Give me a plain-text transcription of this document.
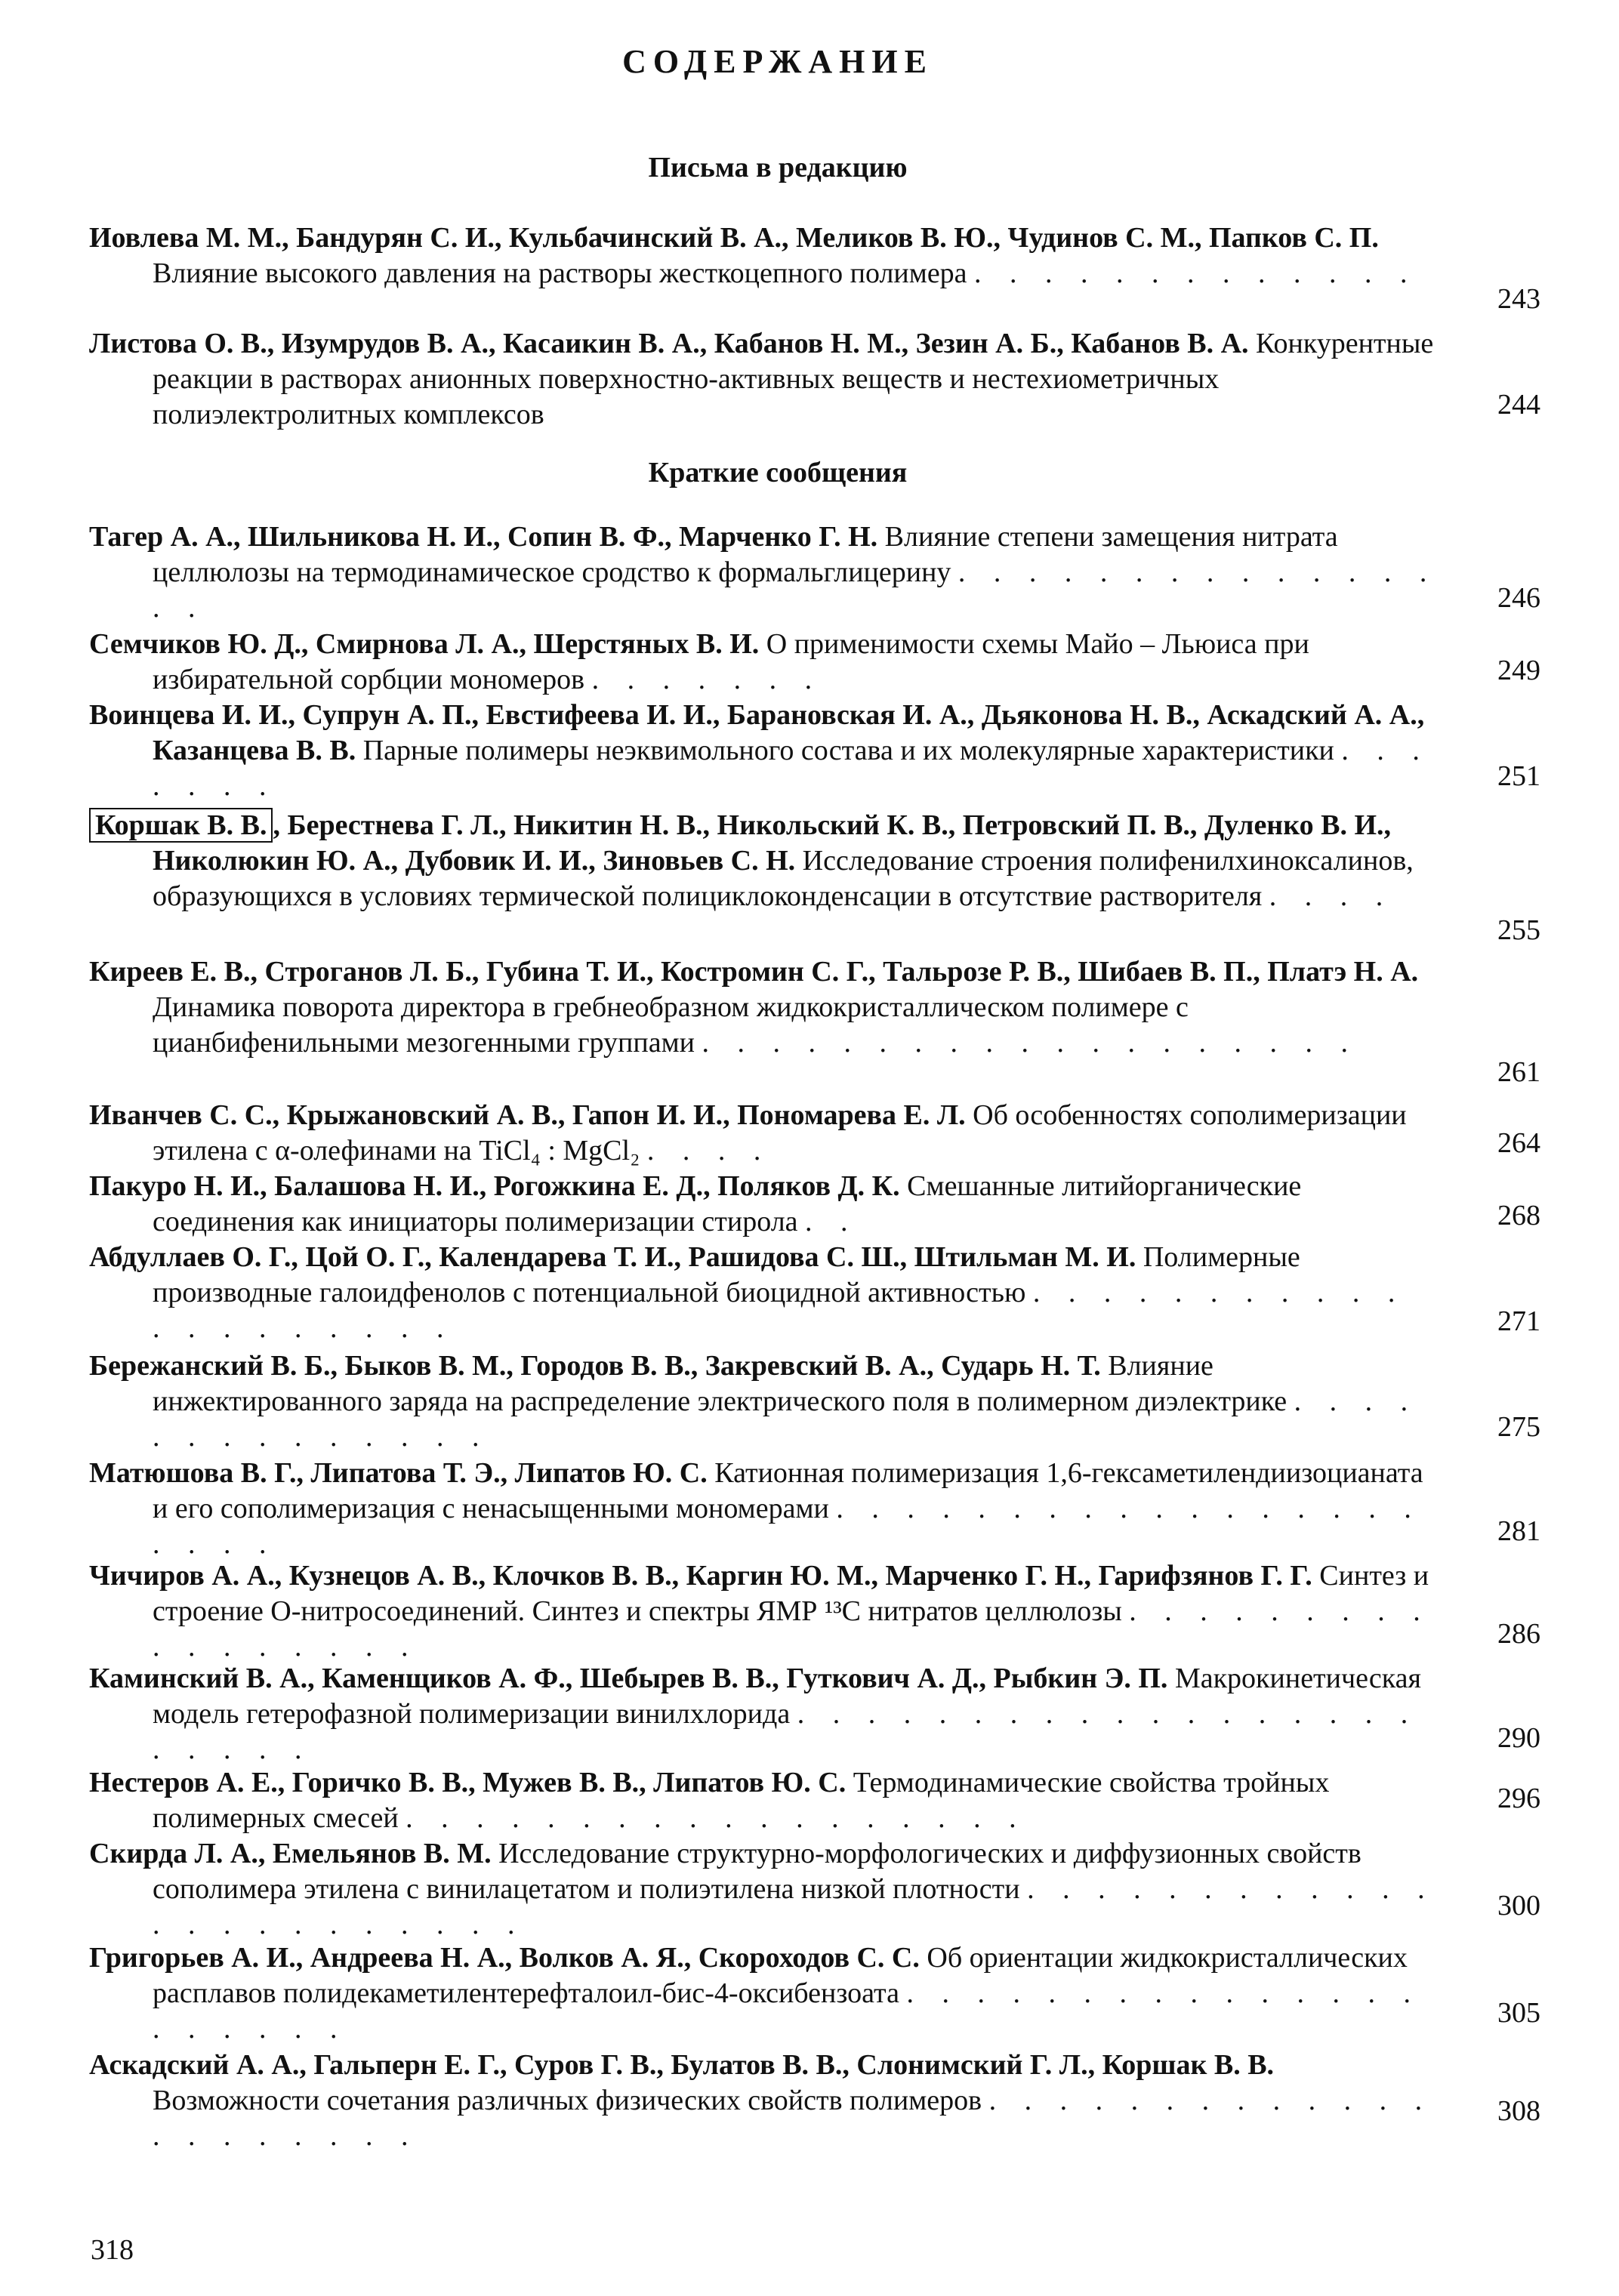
СОДЕРЖАНИЕ
Письма в редакцию
Иовлева М. М., Бандурян С. И., Кульбачинский В. А., Меликов В. Ю., Чудинов С. М., Папков С. П. Влияние высокого давления на растворы жесткоцепного полимера . . . . . . . . . . . . .
243
Листова О. В., Изумрудов В. А., Касаикин В. А., Кабанов Н. М., Зезин А. Б., Кабанов В. А. Конкурентные реакции в растворах анионных поверхностно-активных веществ и нестехиометричных полиэлектролитных комплексов	244
Краткие сообщения
Тагер А. А., Шильникова Н. И., Сопин В. Ф., Марченко Г. Н. Влияние степени замещения нитрата целлюлозы на термодинамическое сродство к формальглицерину . . . . . . . . . . . . . . . .	246
Семчиков Ю. Д., Смирнова Л. А., Шерстяных В. И. О применимости схемы Майо – Льюиса при избирательной сорбции мономеров . . . . . . .	249
Воинцева И. И., Супрун А. П., Евстифеева И. И., Барановская И. А., Дьяконова Н. В., Аскадский А. А., Казанцева В. В. Парные полимеры неэквимольного состава и их молекулярные характеристики . . . . . . .	251
Коршак В. В. , Берестнева Г. Л., Никитин Н. В., Никольский К. В., Петровский П. В., Дуленко В. И., Николюкин Ю. А., Дубовик И. И., Зиновьев С. Н. Исследование строения полифенилхиноксалинов, образующихся в условиях термической полициклоконденсации в отсутствие растворителя . . . .
255
Киреев Е. В., Строганов Л. Б., Губина Т. И., Костромин С. Г., Тальрозе Р. В., Шибаев В. П., Платэ Н. А. Динамика поворота директора в гребнеобразном жидкокристаллическом полимере с цианбифенильными мезогенными группами . . . . . . . . . . . . . . . . . . .
261
Иванчев С. С., Крыжановский А. В., Гапон И. И., Пономарева Е. Л. Об особенностях сополимеризации этилена с α-олефинами на TiCl₄ : MgCl₂ . . . .	264
Пакуро Н. И., Балашова Н. И., Рогожкина Е. Д., Поляков Д. К. Смешанные литийорганические соединения как инициаторы полимеризации стирола . .	268
Абдуллаев О. Г., Цой О. Г., Календарева Т. И., Рашидова С. Ш., Штильман М. И. Полимерные производные галоидфенолов с потенциальной биоцидной активностью . . . . . . . . . . . . . . . . . . . .	271
Бережанский В. Б., Быков В. М., Городов В. В., Закревский В. А., Сударь Н. Т. Влияние инжектированного заряда на распределение электрического поля в полимерном диэлектрике . . . . . . . . . . . . . .	275
Матюшова В. Г., Липатова Т. Э., Липатов Ю. С. Катионная полимеризация 1,6-гексаметилендиизоцианата и его сополимеризация с ненасыщенными мономерами . . . . . . . . . . . . . . . . . . . . .	281
Чичиров А. А., Кузнецов А. В., Клочков В. В., Каргин Ю. М., Марченко Г. Н., Гарифзянов Г. Г. Синтез и строение О-нитросоединений. Синтез и спектры ЯМР ¹³C нитратов целлюлозы . . . . . . . . . . . . . . . . .	286
Каминский В. А., Каменщиков А. Ф., Шебырев В. В., Гуткович А. Д., Рыбкин Э. П. Макрокинетическая модель гетерофазной полимеризации винилхлорида . . . . . . . . . . . . . . . . . . . . . . .	290
Нестеров А. Е., Горичко В. В., Мужев В. В., Липатов Ю. С. Термодинамические свойства тройных полимерных смесей . . . . . . . . . . . . . . . . . .
296
Скирда Л. А., Емельянов В. М. Исследование структурно-морфологических и диффузионных свойств сополимера этилена с винилацетатом и полиэтилена низкой плотности . . . . . . . . . . . . . . . . . . . . . . .
300
Григорьев А. И., Андреева Н. А., Волков А. Я., Скороходов С. С. Об ориентации жидкокристаллических расплавов полидекаметилентерефталоил-бис-4-оксибензоата . . . . . . . . . . . . . . . . . . . . .	305
Аскадский А. А., Гальперн Е. Г., Суров Г. В., Булатов В. В., Слонимский Г. Л., Коршак В. В. Возможности сочетания различных физических свойств полимеров . . . . . . . . . . . . . . . . . . . . .
308
318
